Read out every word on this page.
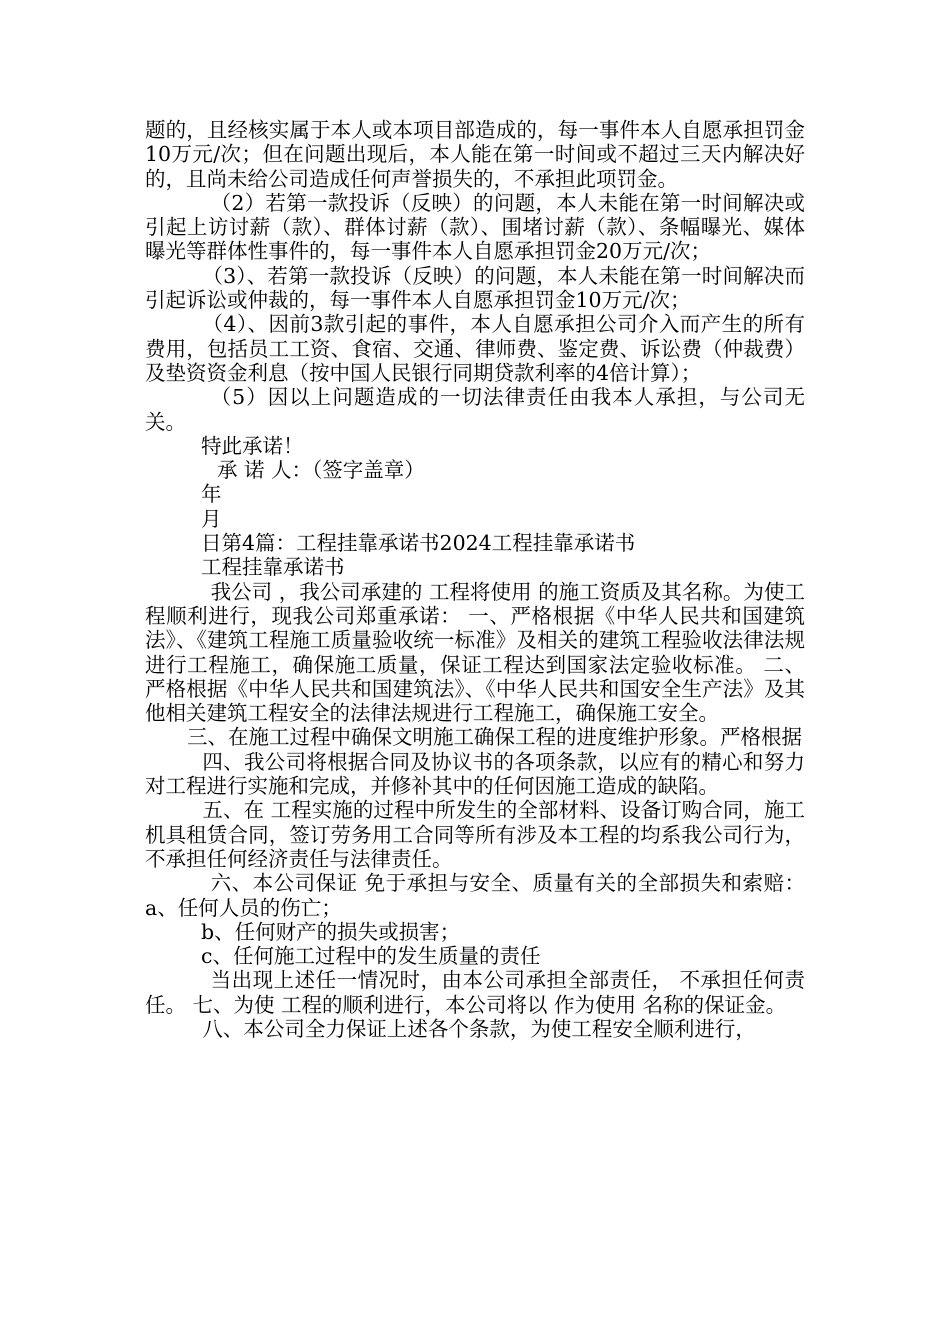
题的，且经核实属于本人或本项目部造成的，每一事件本人自愿承担罚金10万元/次；但在问题出现后，本人能在第一时间或不超过三天内解决好的，且尚未给公司造成任何声誉损失的，不承担此项罚金。

（2）若第一款投诉（反映）的问题，本人未能在第一时间解决或引起上访讨薪（款）、群体讨薪（款）、围堵讨薪（款）、条幅曝光、媒体曝光等群体性事件的，每一事件本人自愿承担罚金20万元/次；

（3）、若第一款投诉（反映）的问题，本人未能在第一时间解决而引起诉讼或仲裁的，每一事件本人自愿承担罚金10万元/次；

（4）、因前3款引起的事件，本人自愿承担公司介入而产生的所有费用，包括员工工资、食宿、交通、律师费、鉴定费、诉讼费（仲裁费）及垫资资金利息（按中国人民银行同期贷款利率的4倍计算）；

（5）因以上问题造成的一切法律责任由我本人承担，与公司无关。

特此承诺！

承 诺 人：（签字盖章）

年

月

日第4篇：工程挂靠承诺书2024工程挂靠承诺书

工程挂靠承诺书

我公司 ，我公司承建的 工程将使用 的施工资质及其名称。为使工程顺利进行，现我公司郑重承诺： 一、严格根据《中华人民共和国建筑法》、《建筑工程施工质量验收统一标准》及相关的建筑工程验收法律法规进行工程施工，确保施工质量，保证工程达到国家法定验收标准。 二、严格根据《中华人民共和国建筑法》、《中华人民共和国安全生产法》及其他相关建筑工程安全的法律法规进行工程施工，确保施工安全。

三、在施工过程中确保文明施工确保工程的进度维护形象。严格根据

四、我公司将根据合同及协议书的各项条款，以应有的精心和努力对工程进行实施和完成，并修补其中的任何因施工造成的缺陷。

五、在 工程实施的过程中所发生的全部材料、设备订购合同，施工机具租赁合同，签订劳务用工合同等所有涉及本工程的均系我公司行为， 不承担任何经济责任与法律责任。

六、本公司保证 免于承担与安全、质量有关的全部损失和索赔： a、任何人员的伤亡；

b、任何财产的损失或损害；

c、任何施工过程中的发生质量的责任

当出现上述任一情况时，由本公司承担全部责任， 不承担任何责任。 七、为使 工程的顺利进行，本公司将以 作为使用 名称的保证金。

八、本公司全力保证上述各个条款，为使工程安全顺利进行，
